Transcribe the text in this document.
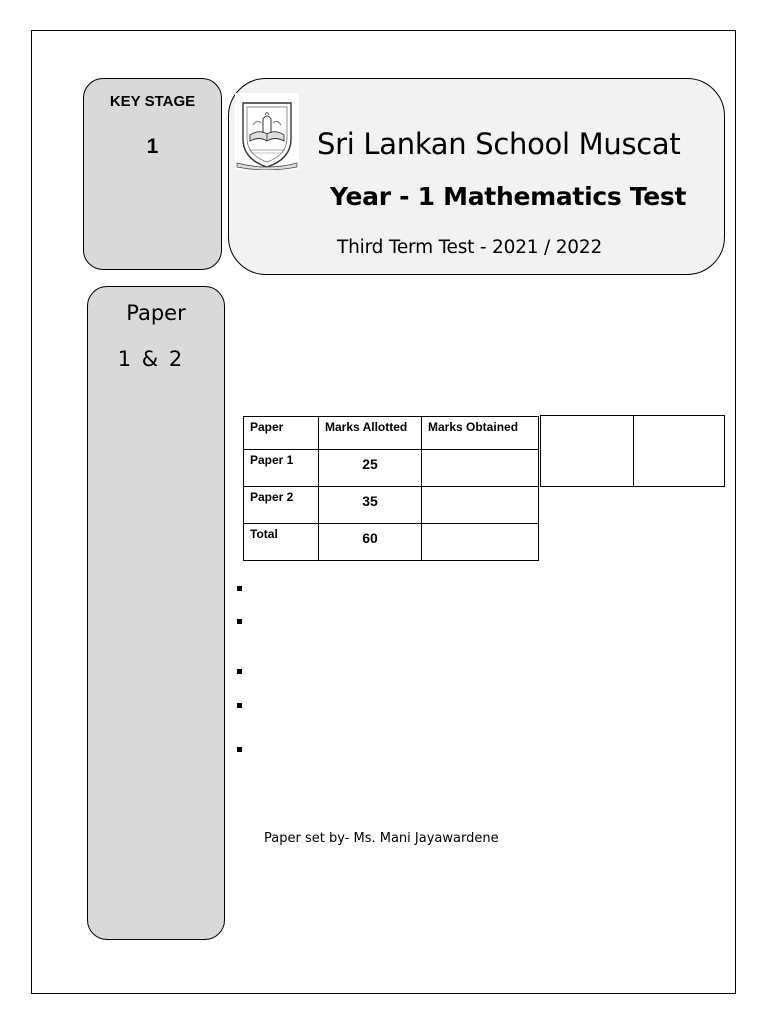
KEY STAGE
1	Sri Lankan School Muscat
Year - 1 Mathematics Test
Third Term Test - 2021 / 2022
Paper
1 & 2
Paper	Marks Allotted	Marks Obtained
Paper 1	25	
Paper 2	35	
Total	60	
Paper set by- Ms. Mani Jayawardene
